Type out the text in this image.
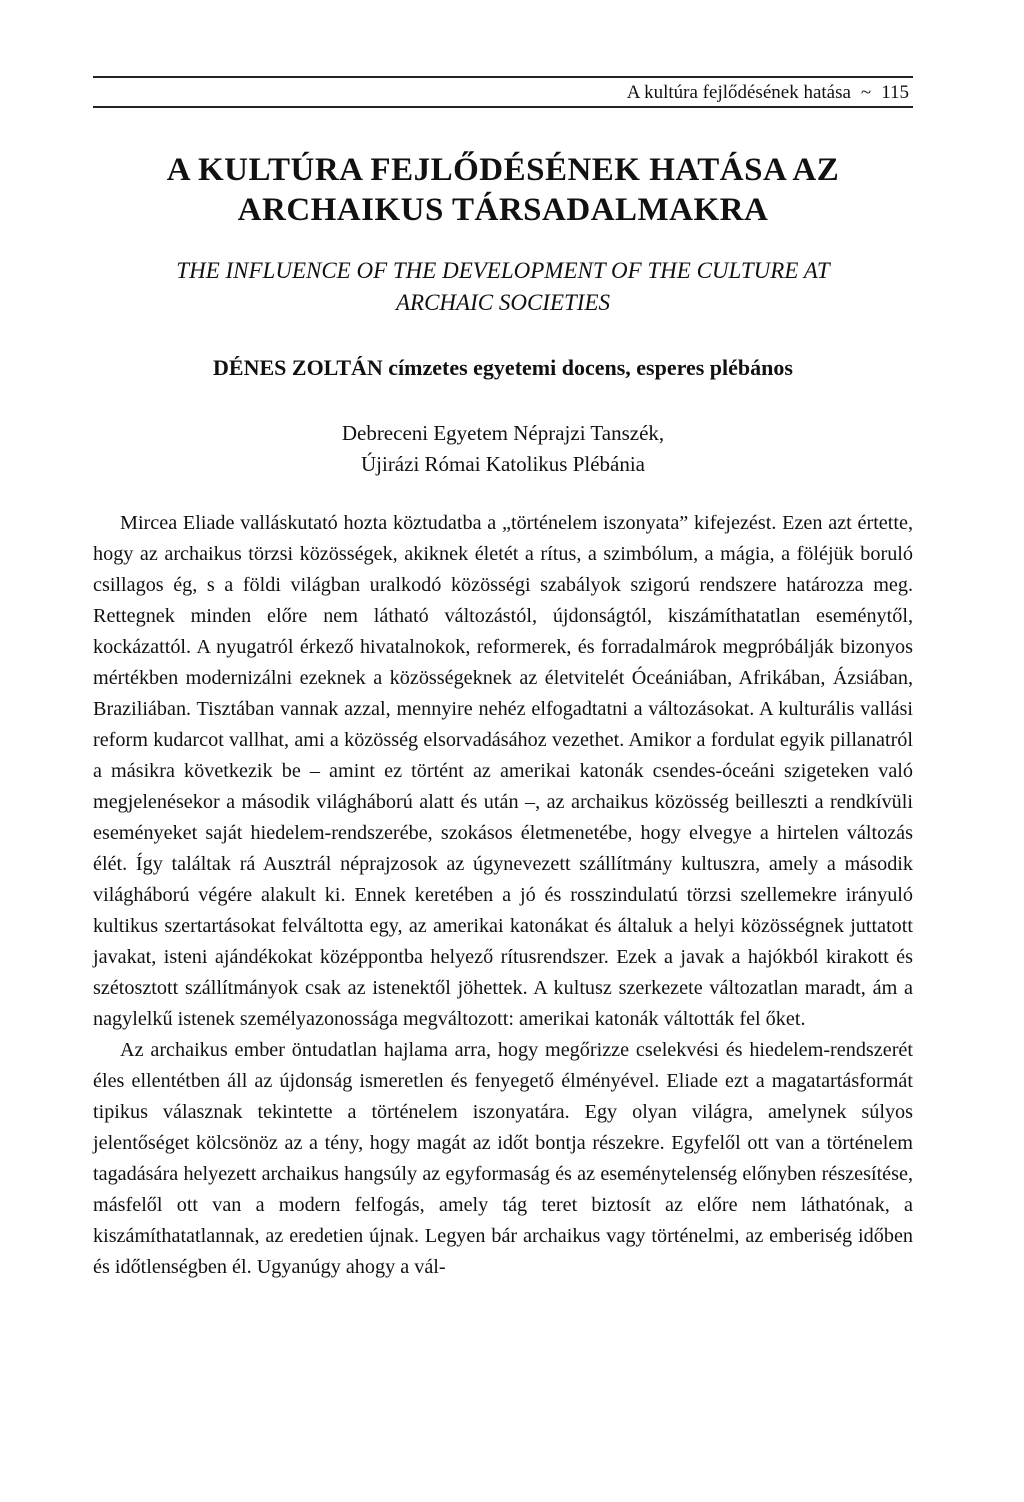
A kultúra fejlődésének hatása ~ 115
A KULTÚRA FEJLŐDÉSÉNEK HATÁSA AZ
ARCHAIKUS TÁRSADALMAKRA
THE INFLUENCE OF THE DEVELOPMENT OF THE CULTURE AT
ARCHAIC SOCIETIES
DÉNES ZOLTÁN címzetes egyetemi docens, esperes plébános
Debreceni Egyetem Néprajzi Tanszék,
Újirázi Római Katolikus Plébánia

Mircea Eliade valláskutató hozta köztudatba a „történelem iszonyata” kifejezést. Ezen azt értette, hogy az archaikus törzsi közösségek, akiknek életét a rítus, a szimbólum, a mágia, a föléjük boruló csillagos ég, s a földi világban uralkodó közösségi szabályok szigorú rendszere határozza meg. Rettegnek minden előre nem látható változástól, újdonságtól, kiszámíthatatlan eseménytől, kockázattól. A nyugatról érkező hivatalnokok, reformerek, és forradalmárok megpróbálják bizonyos mértékben modernizálni ezeknek a közösségeknek az életvitelét Óceániában, Afrikában, Ázsiában, Braziliában. Tisztában vannak azzal, mennyire nehéz elfogadtatni a változásokat. A kulturális vallási reform kudarcot vallhat, ami a közösség elsorvadásához vezethet. Amikor a fordulat egyik pillanatról a másikra következik be – amint ez történt az amerikai katonák csendes-óceáni szigeteken való megjelenésekor a második világháború alatt és után –, az archaikus közösség beilleszti a rendkívüli eseményeket saját hiedelem-rendszerébe, szokásos életmenetébe, hogy elvegye a hirtelen változás élét. Így találtak rá Ausztrál néprajzosok az úgynevezett szállítmány kultuszra, amely a második világháború végére alakult ki. Ennek keretében a jó és rosszindulatú törzsi szellemekre irányuló kultikus szertartásokat felváltotta egy, az amerikai katonákat és általuk a helyi közösségnek juttatott javakat, isteni ajándékokat középpontba helyező rítusrendszer. Ezek a javak a hajókból kirakott és szétosztott szállítmányok csak az istenektől jöhettek. A kultusz szerkezete változatlan maradt, ám a nagylelkű istenek személyazonossága megváltozott: amerikai katonák váltották fel őket.

Az archaikus ember öntudatlan hajlama arra, hogy megőrizze cselekvési és hiedelem-rendszerét éles ellentétben áll az újdonság ismeretlen és fenyegető élményével. Eliade ezt a magatartásformát tipikus válasznak tekintette a történelem iszonyatára. Egy olyan világra, amelynek súlyos jelentőséget kölcsönöz az a tény, hogy magát az időt bontja részekre. Egyfelől ott van a történelem tagadására helyezett archaikus hangsúly az egyformaság és az eseménytelenség előnyben részesítése, másfelől ott van a modern felfogás, amely tág teret biztosít az előre nem láthatónak, a kiszámíthatatlannak, az eredetien újnak. Legyen bár archaikus vagy történelmi, az emberiség időben és időtlenségben él. Ugyanúgy ahogy a vál-
